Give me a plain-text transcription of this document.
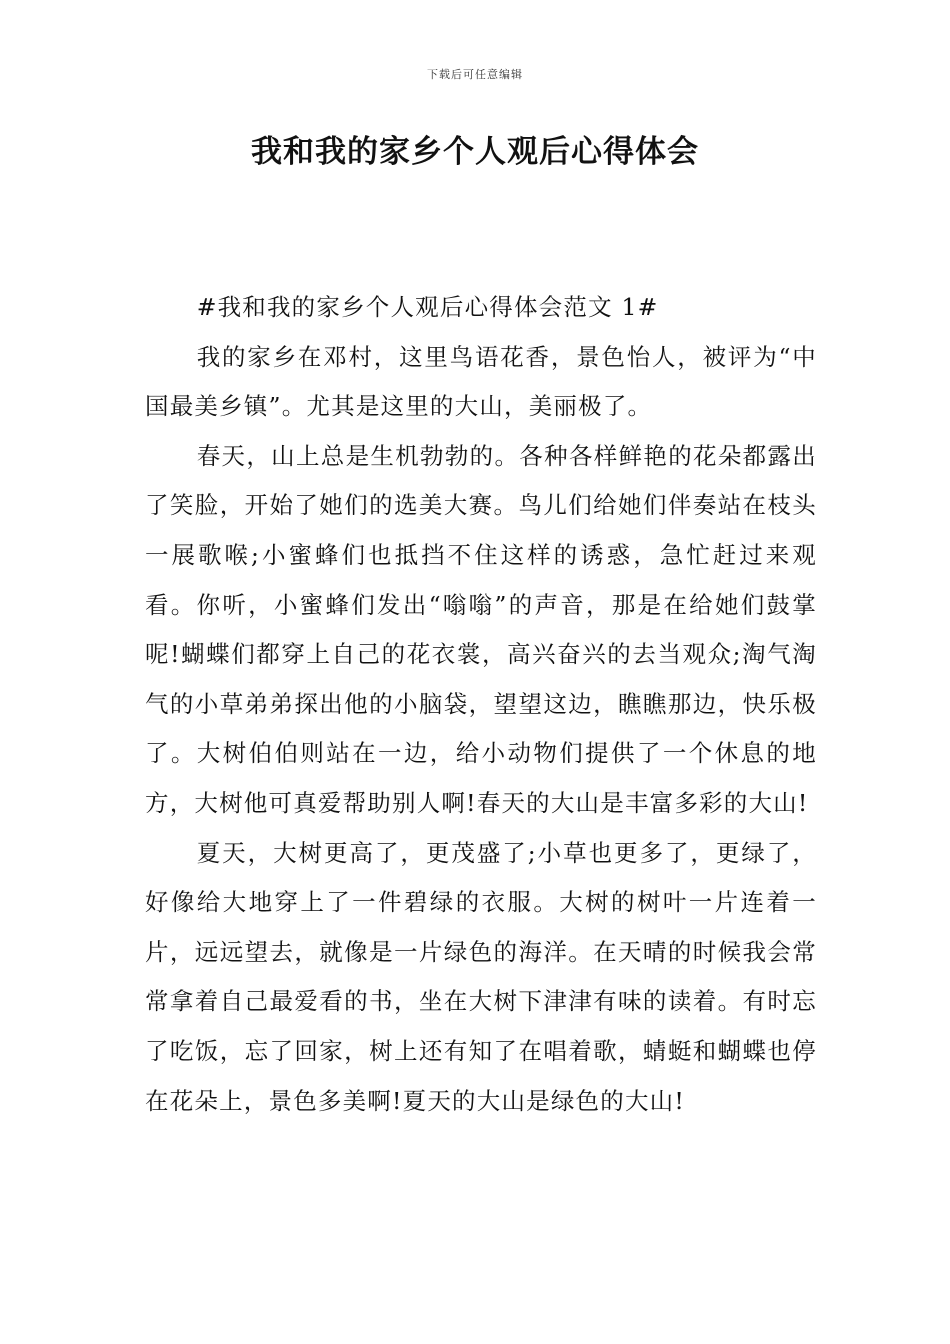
下载后可任意编辑
我和我的家乡个人观后心得体会

#我和我的家乡个人观后心得体会范文 1#

我的家乡在邓村，这里鸟语花香，景色怡人，被评为“中国最美乡镇”。尤其是这里的大山，美丽极了。

春天，山上总是生机勃勃的。各种各样鲜艳的花朵都露出了笑脸，开始了她们的选美大赛。鸟儿们给她们伴奏站在枝头一展歌喉;小蜜蜂们也抵挡不住这样的诱惑，急忙赶过来观看。你听，小蜜蜂们发出“嗡嗡”的声音，那是在给她们鼓掌呢!蝴蝶们都穿上自己的花衣裳，高兴奋兴的去当观众;淘气淘气的小草弟弟探出他的小脑袋，望望这边，瞧瞧那边，快乐极了。大树伯伯则站在一边，给小动物们提供了一个休息的地方，大树他可真爱帮助别人啊!春天的大山是丰富多彩的大山!

夏天，大树更高了，更茂盛了;小草也更多了，更绿了，好像给大地穿上了一件碧绿的衣服。大树的树叶一片连着一片，远远望去，就像是一片绿色的海洋。在天晴的时候我会常常拿着自己最爱看的书，坐在大树下津津有味的读着。有时忘了吃饭，忘了回家，树上还有知了在唱着歌，蜻蜓和蝴蝶也停在花朵上，景色多美啊!夏天的大山是绿色的大山!
